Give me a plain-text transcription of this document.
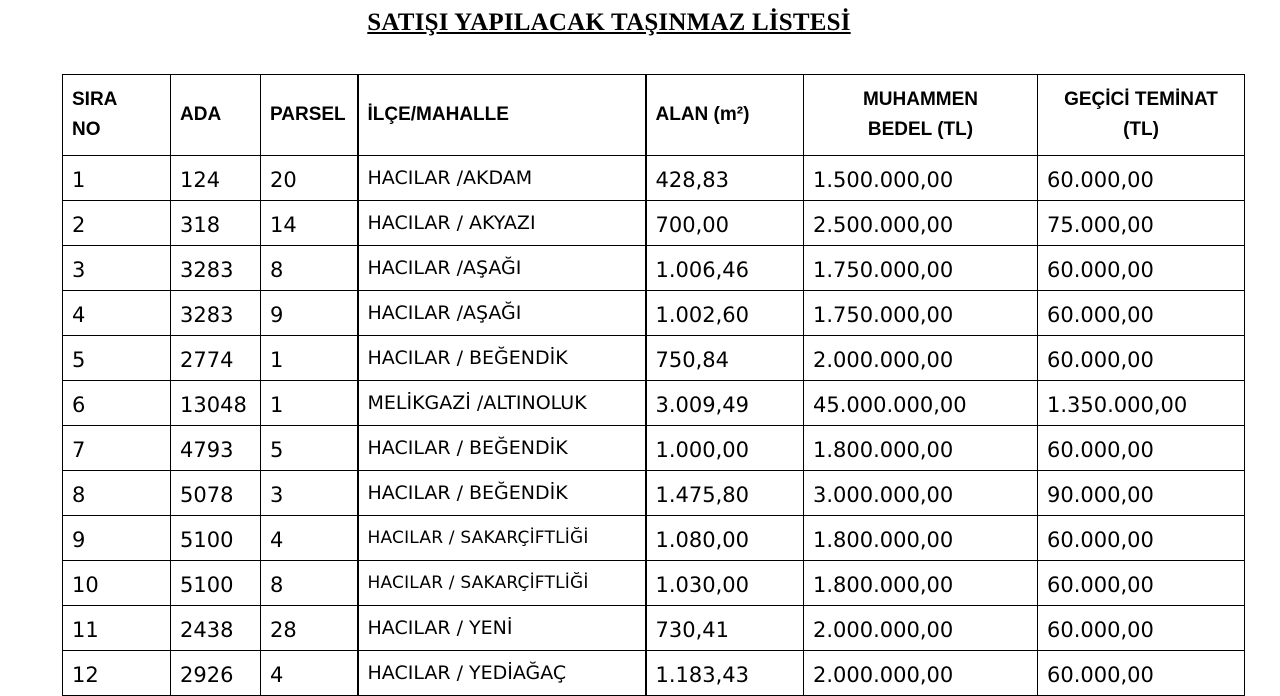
SATIŞI YAPILACAK TAŞINMAZ LİSTESİ
SIRA NO	ADA	PARSEL	İLÇE/MAHALLE	ALAN (m²)	MUHAMMEN BEDEL (TL)	GEÇİCİ TEMİNAT (TL)
1	124	20	HACILAR /AKDAM	428,83	1.500.000,00	60.000,00
2	318	14	HACILAR / AKYAZI	700,00	2.500.000,00	75.000,00
3	3283	8	HACILAR /AŞAĞI	1.006,46	1.750.000,00	60.000,00
4	3283	9	HACILAR /AŞAĞI	1.002,60	1.750.000,00	60.000,00
5	2774	1	HACILAR / BEĞENDİK	750,84	2.000.000,00	60.000,00
6	13048	1	MELİKGAZİ /ALTINOLUK	3.009,49	45.000.000,00	1.350.000,00
7	4793	5	HACILAR / BEĞENDİK	1.000,00	1.800.000,00	60.000,00
8	5078	3	HACILAR / BEĞENDİK	1.475,80	3.000.000,00	90.000,00
9	5100	4	HACILAR / SAKARÇİFTLİĞİ	1.080,00	1.800.000,00	60.000,00
10	5100	8	HACILAR / SAKARÇİFTLİĞİ	1.030,00	1.800.000,00	60.000,00
11	2438	28	HACILAR / YENİ	730,41	2.000.000,00	60.000,00
12	2926	4	HACILAR / YEDİAĞAÇ	1.183,43	2.000.000,00	60.000,00
